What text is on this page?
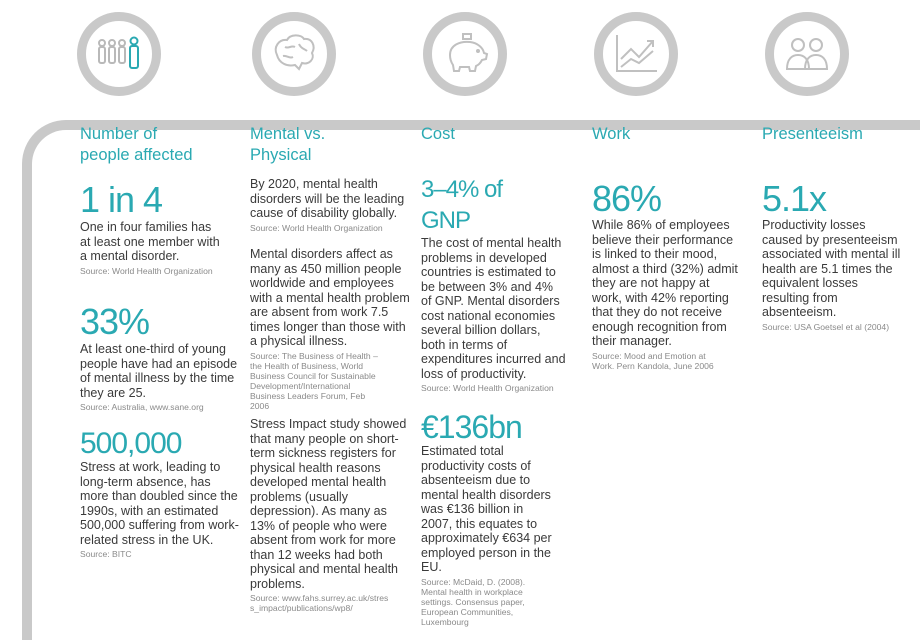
Number of people affected
1 in 4
One in four families has at least one member with a mental disorder.
Source: World Health Organization
33%
At least one-third of young people have had an episode of mental illness by the time they are 25.
Source: Australia, www.sane.org
500,000
Stress at work, leading to long-term absence, has more than doubled since the 1990s, with an estimated 500,000 suffering from work-related stress in the UK.
Source: BITC
Mental vs. Physical
By 2020, mental health disorders will be the leading cause of disability globally.
Source: World Health Organization
Mental disorders affect as many as 450 million people worldwide and employees with a mental health problem are absent from work 7.5 times longer than those with a physical illness.
Source: The Business of Health – the Health of Business, World Business Council for Sustainable Development/International Business Leaders Forum, Feb 2006
Stress Impact study showed that many people on short-term sickness registers for physical health reasons developed mental health problems (usually depression). As many as 13% of people who were absent from work for more than 12 weeks had both physical and mental health problems.
Source: www.fahs.surrey.ac.uk/stress_impact/publications/wp8/
Cost
3–4% of GNP
The cost of mental health problems in developed countries is estimated to be between 3% and 4% of GNP. Mental disorders cost national economies several billion dollars, both in terms of expenditures incurred and loss of productivity.
Source: World Health Organization
€136bn
Estimated total productivity costs of absenteeism due to mental health disorders was €136 billion in 2007, this equates to approximately €634 per employed person in the EU.
Source: McDaid, D. (2008). Mental health in workplace settings. Consensus paper, European Communities, Luxembourg
Work
86%
While 86% of employees believe their performance is linked to their mood, almost a third (32%) admit they are not happy at work, with 42% reporting that they do not receive enough recognition from their manager.
Source: Mood and Emotion at Work. Pern Kandola, June 2006
Presenteeism
5.1x
Productivity losses caused by presenteeism associated with mental ill health are 5.1 times the equivalent losses resulting from absenteeism.
Source: USA Goetsel et al (2004)
